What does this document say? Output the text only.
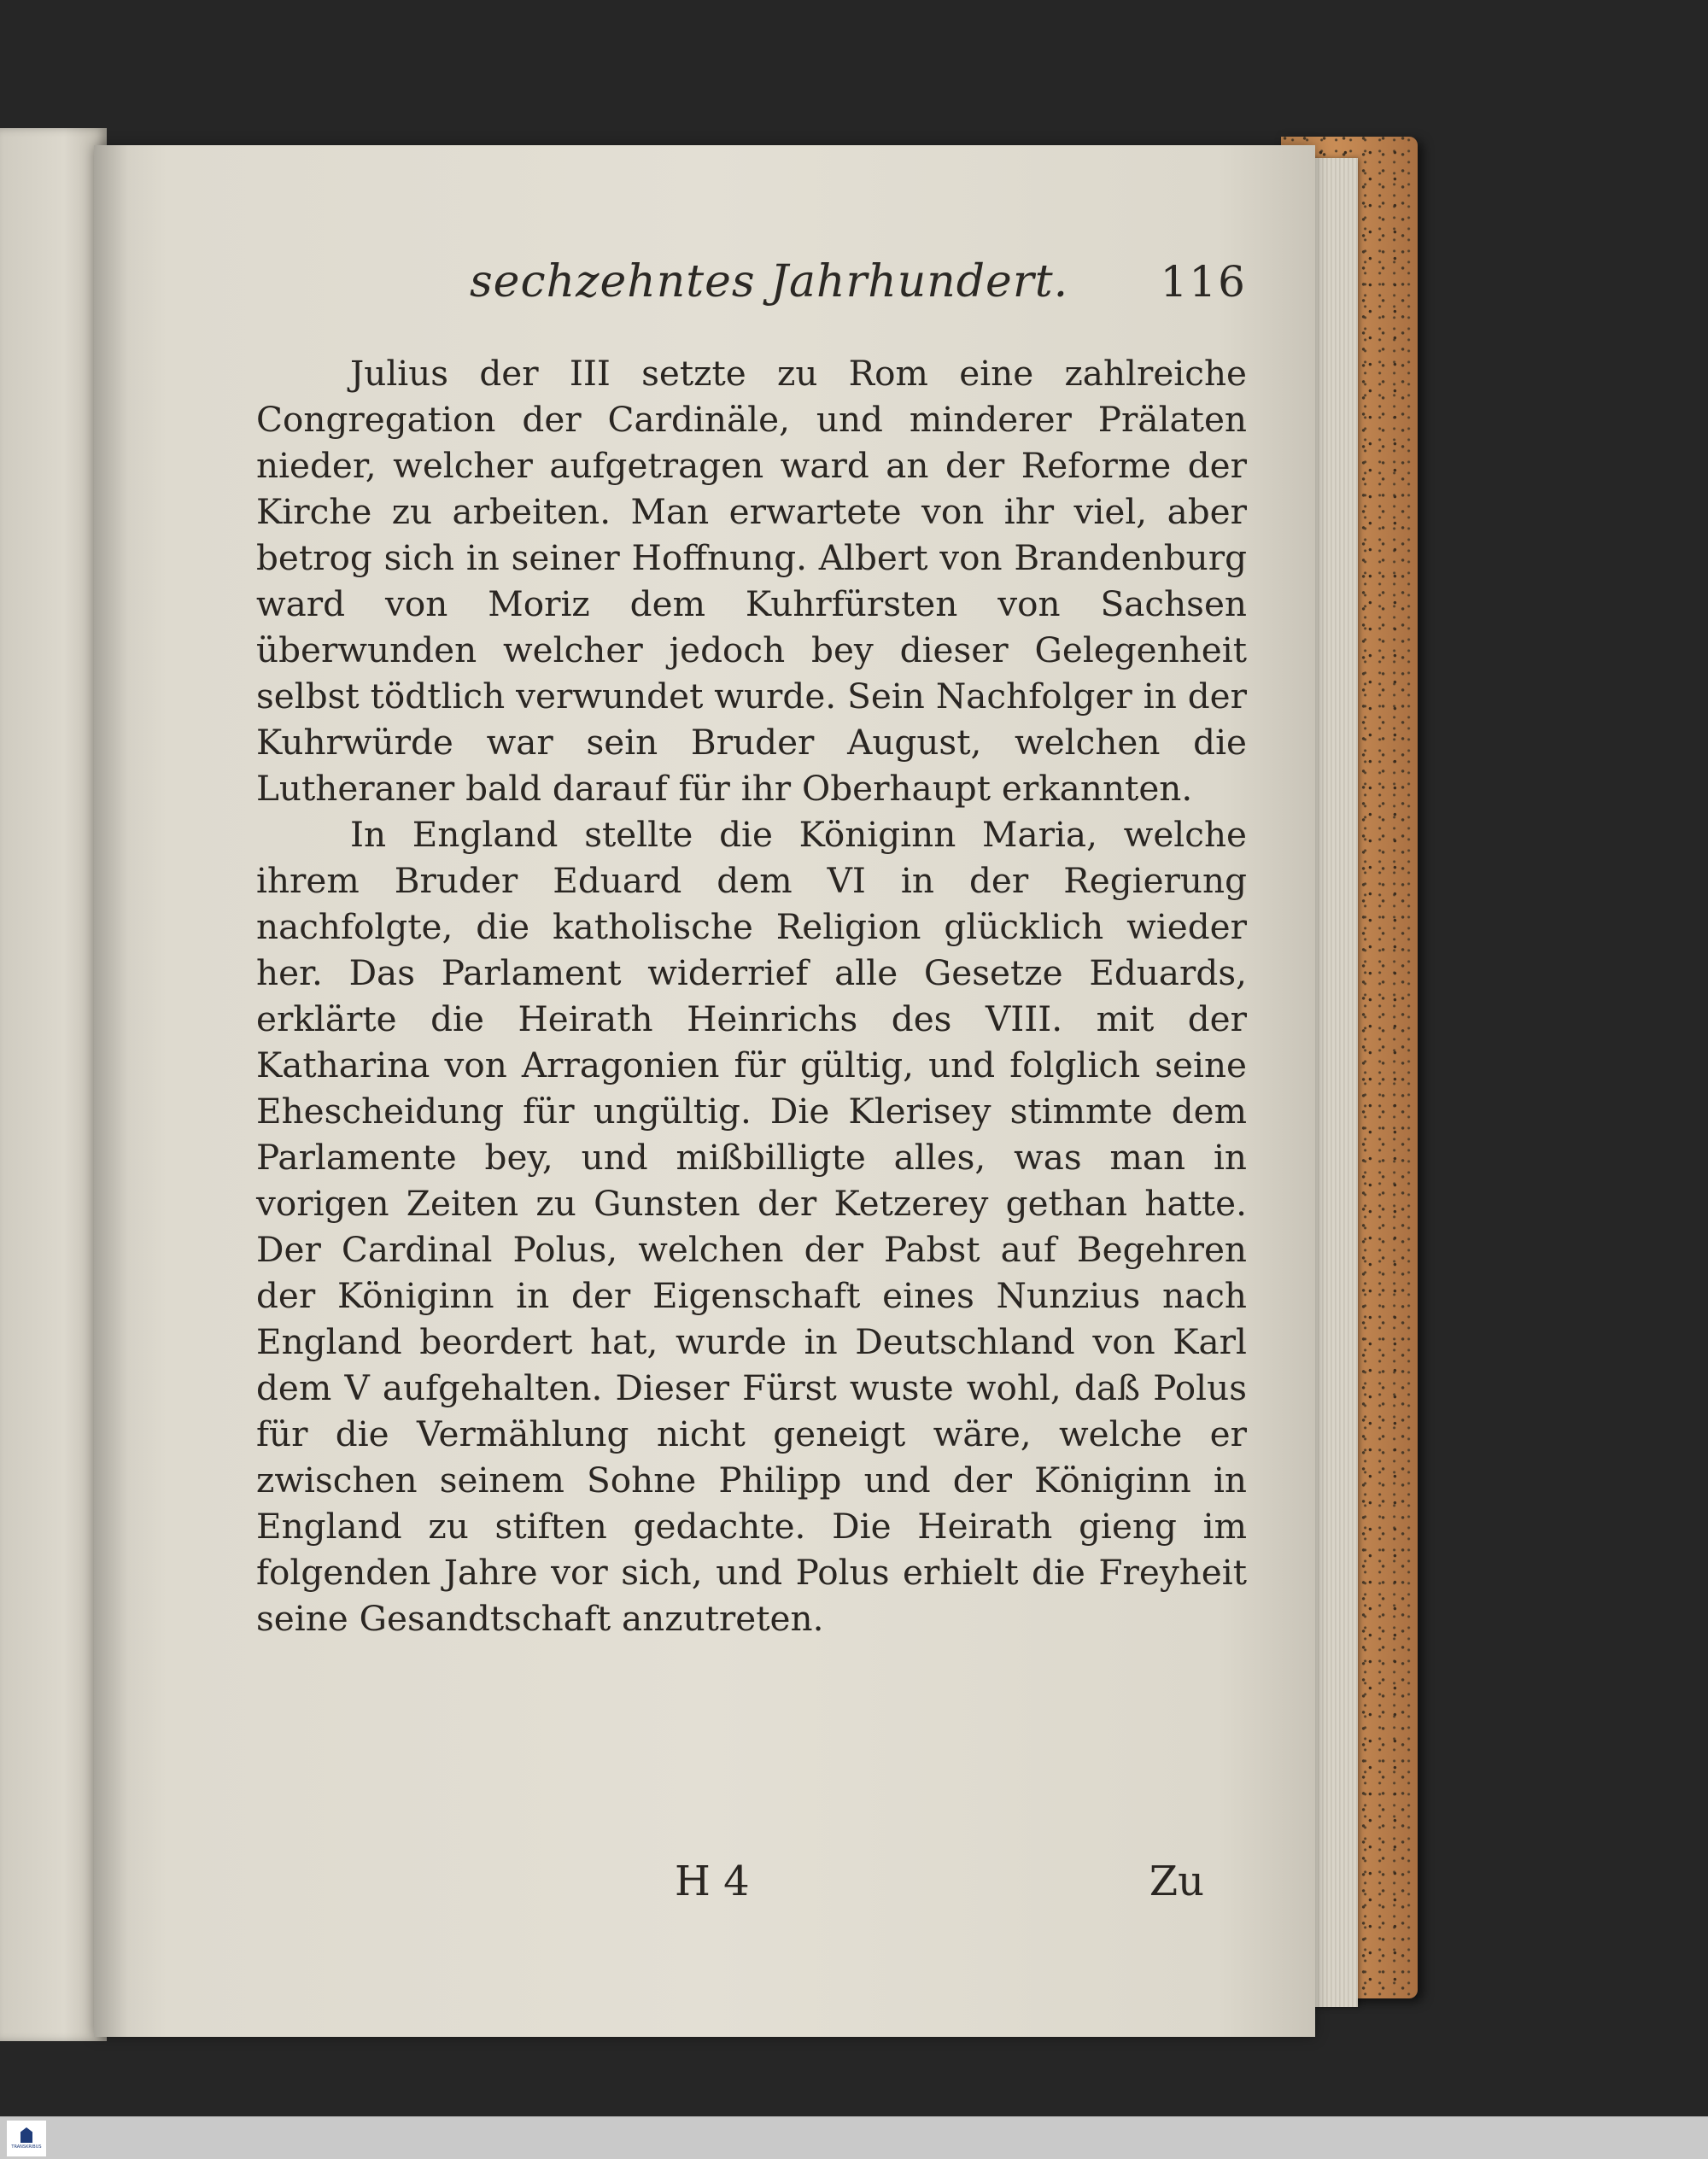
sechzehntes Jahrhundert. 116

Julius der III setzte zu Rom eine zahlreiche Congregation der Cardinäle, und minderer Prälaten nieder, welcher aufgetragen ward an der Reforme der Kirche zu arbeiten. Man erwartete von ihr viel, aber betrog sich in seiner Hoffnung. Albert von Brandenburg ward von Moriz dem Kuhrfürsten von Sachsen überwunden welcher jedoch bey dieser Gelegenheit selbst tödtlich verwundet wurde. Sein Nachfolger in der Kuhrwürde war sein Bruder August, welchen die Lutheraner bald darauf für ihr Oberhaupt erkannten.

In England stellte die Königinn Maria, welche ihrem Bruder Eduard dem VI in der Regierung nachfolgte, die katholische Religion glücklich wieder her. Das Parlament widerrief alle Gesetze Eduards, erklärte die Heirath Heinrichs des VIII. mit der Katharina von Arragonien für gültig, und folglich seine Ehescheidung für ungültig. Die Klerisey stimmte dem Parlamente bey, und mißbilligte alles, was man in vorigen Zeiten zu Gunsten der Ketzerey gethan hatte. Der Cardinal Polus, welchen der Pabst auf Begehren der Königinn in der Eigenschaft eines Nunzius nach England beordert hat, wurde in Deutschland von Karl dem V aufgehalten. Dieser Fürst wuste wohl, daß Polus für die Vermählung nicht geneigt wäre, welche er zwischen seinem Sohne Philipp und der Königinn in England zu stiften gedachte. Die Heirath gieng im folgenden Jahre vor sich, und Polus erhielt die Freyheit seine Gesandtschaft anzutreten.

H 4	Zu
TRANSKRIBUS
